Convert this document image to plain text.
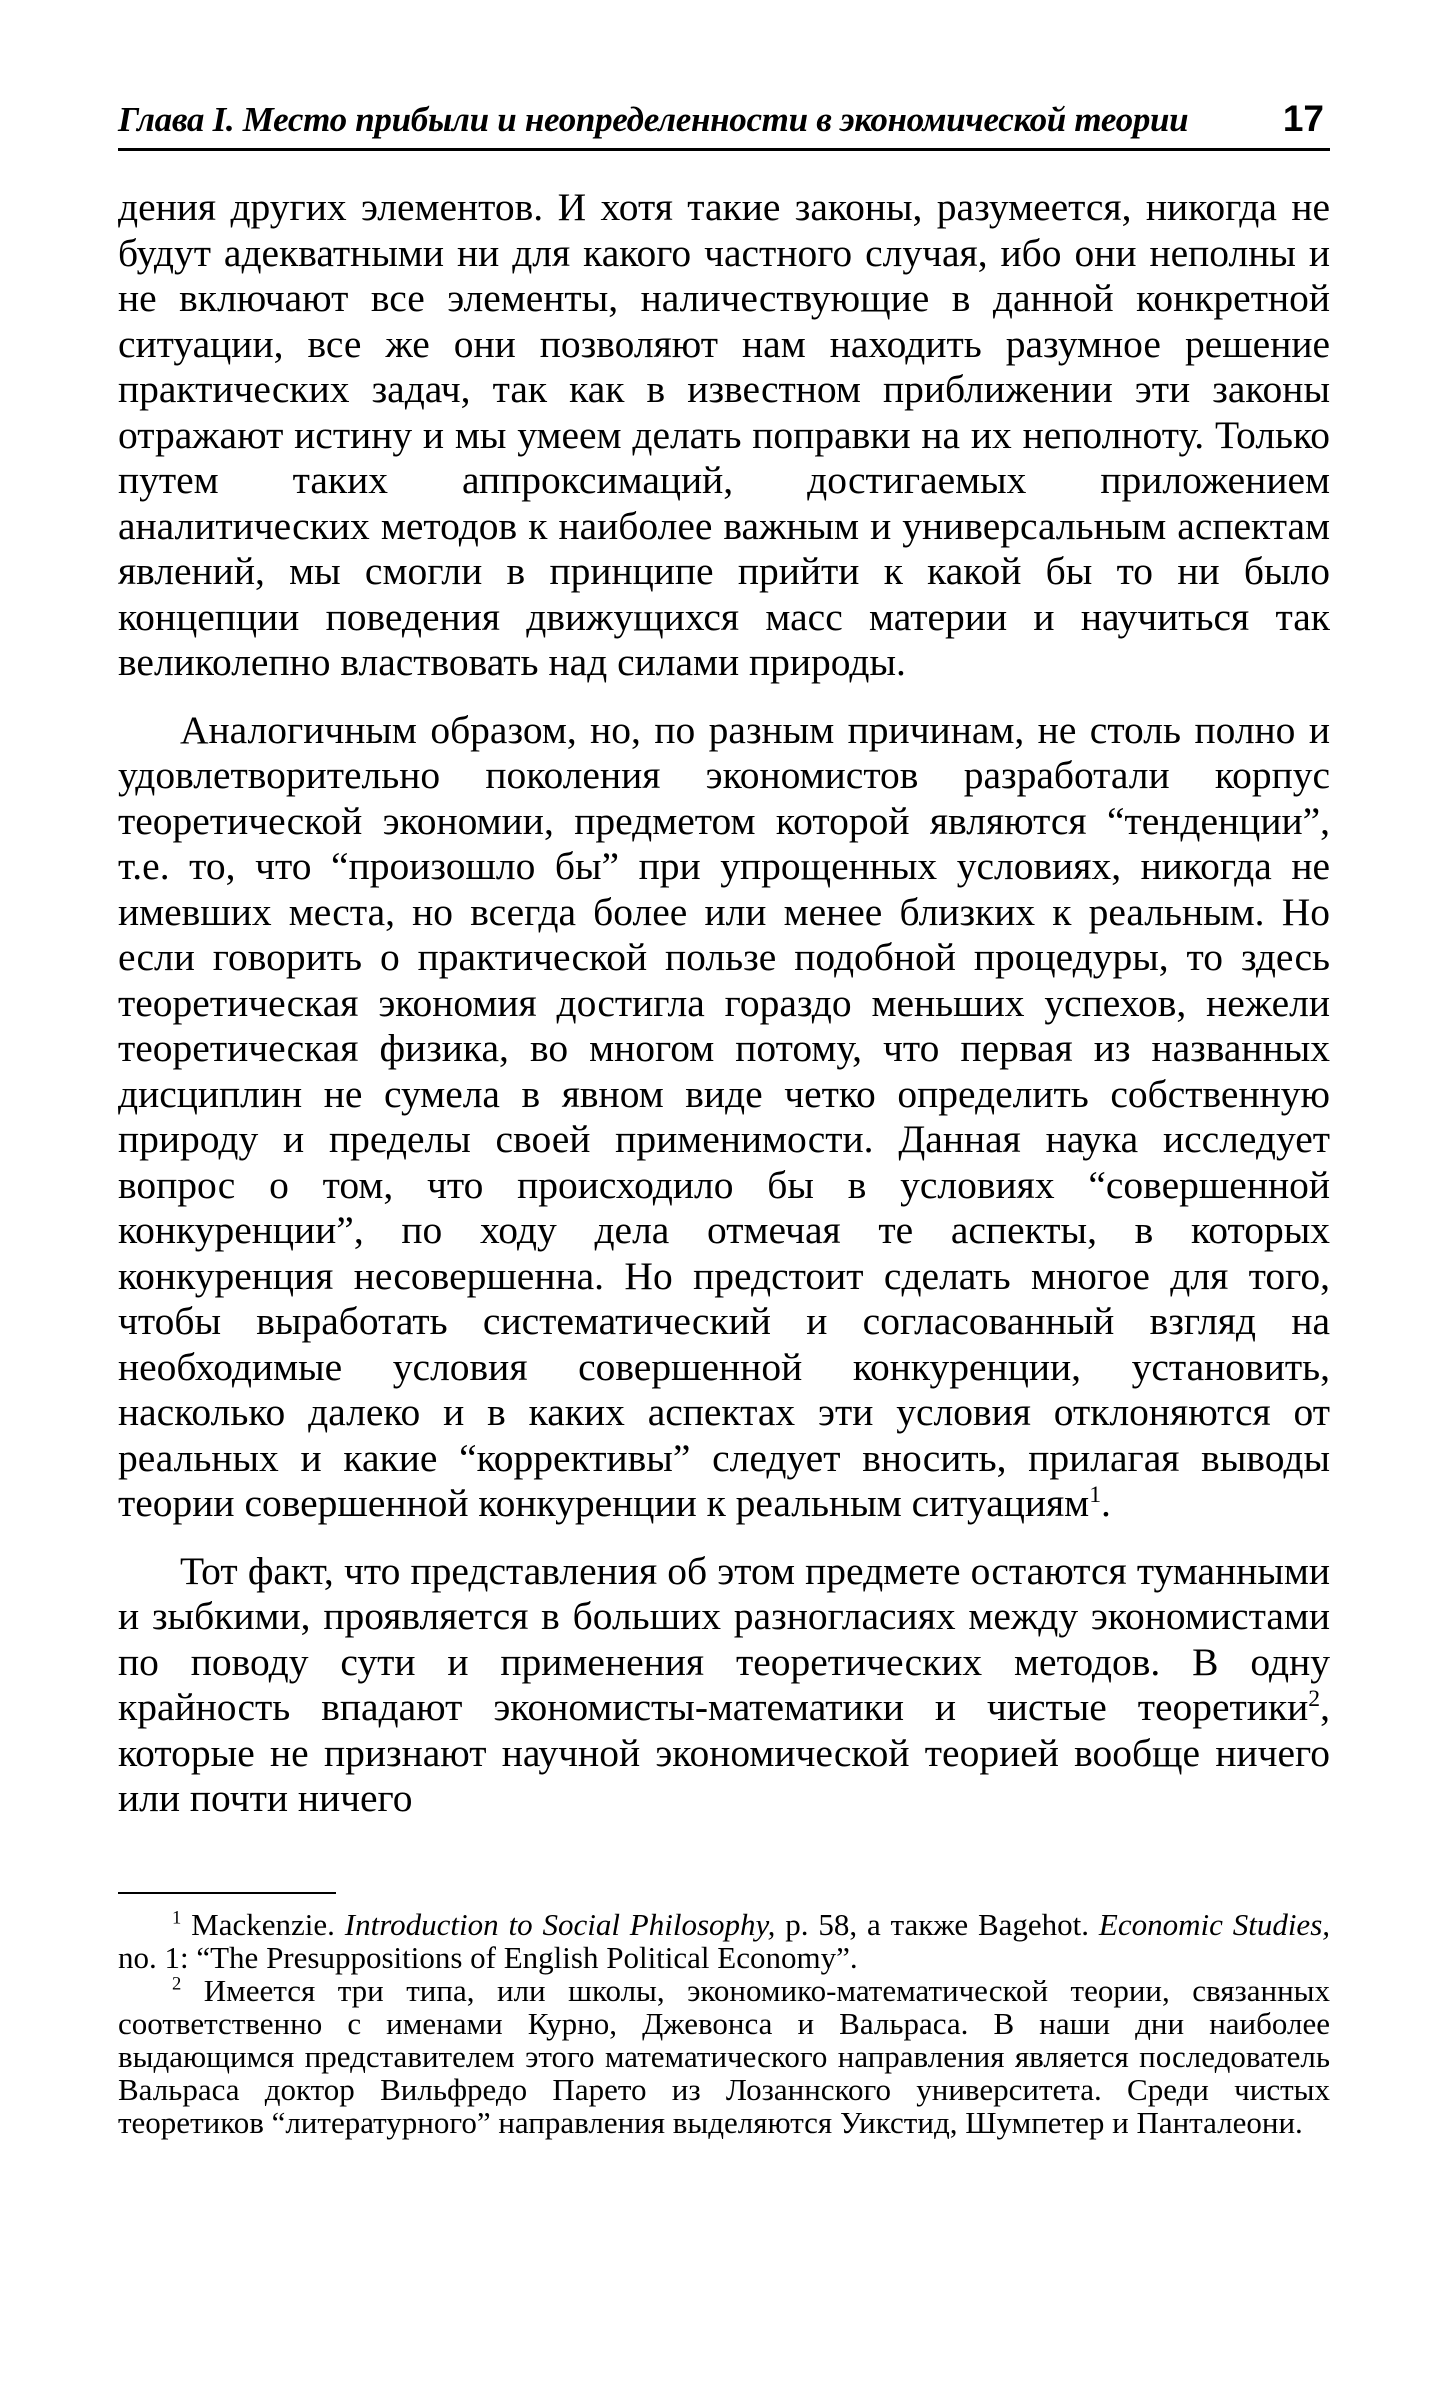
Глава I. Место прибыли и неопределенности в экономической теории	17

дения других элементов. И хотя такие законы, разумеется, никогда не будут адекватными ни для какого частного случая, ибо они неполны и не включают все элементы, наличествующие в данной конкретной ситуации, все же они позволяют нам находить разумное решение практических задач, так как в известном приближении эти законы отражают истину и мы умеем делать поправки на их неполноту. Только путем таких аппроксимаций, достигаемых приложением аналитических методов к наиболее важным и универсальным аспектам явлений, мы смогли в принципе прийти к какой бы то ни было концепции поведения движущихся масс материи и научиться так великолепно властвовать над силами природы.

Аналогичным образом, но, по разным причинам, не столь полно и удовлетворительно поколения экономистов разработали корпус теоретической экономии, предметом которой являются “тенденции”, т.е. то, что “произошло бы” при упрощенных условиях, никогда не имевших места, но всегда более или менее близких к реальным. Но если говорить о практической пользе подобной процедуры, то здесь теоретическая экономия достигла гораздо меньших успехов, нежели теоретическая физика, во многом потому, что первая из названных дисциплин не сумела в явном виде четко определить собственную природу и пределы своей применимости. Данная наука исследует вопрос о том, что происходило бы в условиях “совершенной конкуренции”, по ходу дела отмечая те аспекты, в которых конкуренция несовершенна. Но предстоит сделать многое для того, чтобы выработать систематический и согласованный взгляд на необходимые условия совершенной конкуренции, установить, насколько далеко и в каких аспектах эти условия отклоняются от реальных и какие “коррективы” следует вносить, прилагая выводы теории совершенной конкуренции к реальным ситуациям$^1$.

Тот факт, что представления об этом предмете остаются туманными и зыбкими, проявляется в больших разногласиях между экономистами по поводу сути и применения теоретических методов. В одну крайность впадают экономисты-математики и чистые теоретики$^2$, которые не признают научной экономической теорией вообще ничего или почти ничего

$^1$ Mackenzie. Introduction to Social Philosophy, p. 58, а также Bagehot. Economic Studies, no. 1: “The Presuppositions of English Political Economy”.

$^2$ Имеется три типа, или школы, экономико-математической теории, связанных соответственно с именами Курно, Джевонса и Вальраса. В наши дни наиболее выдающимся представителем этого математического направления является последователь Вальраса доктор Вильфредо Парето из Лозаннского университета. Среди чистых теоретиков “литературного” направления выделяются Уикстид, Шумпетер и Панталеони.
